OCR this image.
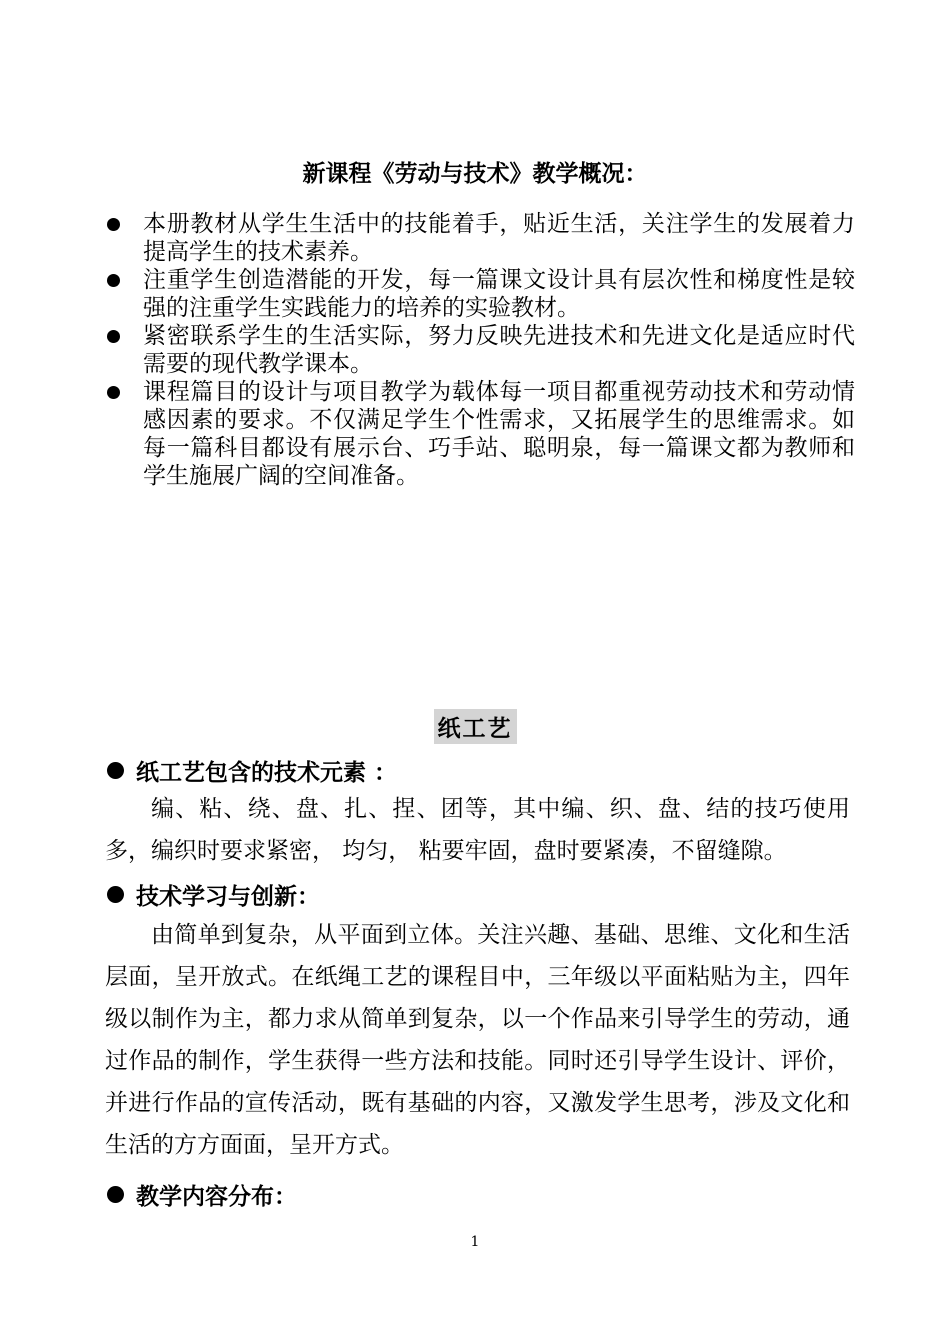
新课程《劳动与技术》教学概况：
本册教材从学生生活中的技能着手，贴近生活，关注学生的发展着力提高学生的技术素养。
注重学生创造潜能的开发，每一篇课文设计具有层次性和梯度性是较强的注重学生实践能力的培养的实验教材。
紧密联系学生的生活实际，努力反映先进技术和先进文化是适应时代需要的现代教学课本。
课程篇目的设计与项目教学为载体每一项目都重视劳动技术和劳动情感因素的要求。不仅满足学生个性需求，又拓展学生的思维需求。如每一篇科目都设有展示台、巧手站、聪明泉，每一篇课文都为教师和学生施展广阔的空间准备。
纸工艺
纸工艺包含的技术元素 ：

编、粘、绕、盘、扎、捏、团等，其中编、织、盘、结的技巧使用多，编织时要求紧密， 均匀， 粘要牢固，盘时要紧凑，不留缝隙。

技术学习与创新：

由简单到复杂，从平面到立体。关注兴趣、基础、思维、文化和生活层面，呈开放式。在纸绳工艺的课程目中，三年级以平面粘贴为主，四年级以制作为主，都力求从简单到复杂，以一个作品来引导学生的劳动，通过作品的制作，学生获得一些方法和技能。同时还引导学生设计、评价，并进行作品的宣传活动，既有基础的内容，又激发学生思考，涉及文化和生活的方方面面，呈开方式。

教学内容分布：
1
